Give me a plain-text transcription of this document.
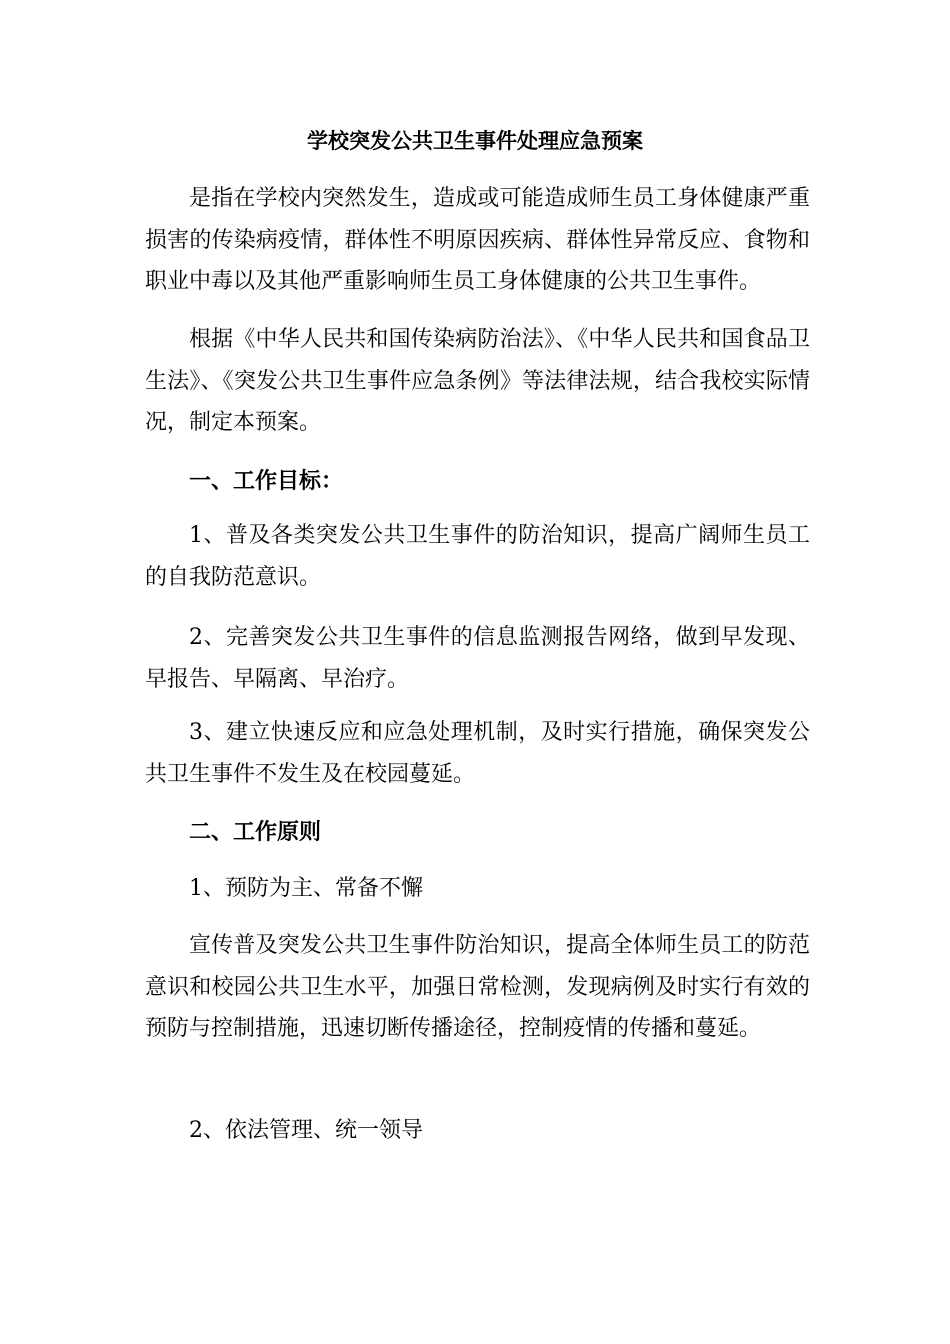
学校突发公共卫生事件处理应急预案

是指在学校内突然发生，造成或可能造成师生员工身体健康严重损害的传染病疫情，群体性不明原因疾病、群体性异常反应、食物和职业中毒以及其他严重影响师生员工身体健康的公共卫生事件。

根据《中华人民共和国传染病防治法》、《中华人民共和国食品卫生法》、《突发公共卫生事件应急条例》等法律法规，结合我校实际情况，制定本预案。

一、工作目标：

1、普及各类突发公共卫生事件的防治知识，提高广阔师生员工的自我防范意识。

2、完善突发公共卫生事件的信息监测报告网络，做到早发现、早报告、早隔离、早治疗。

3、建立快速反应和应急处理机制，及时实行措施，确保突发公共卫生事件不发生及在校园蔓延。

二、工作原则

1、预防为主、常备不懈

宣传普及突发公共卫生事件防治知识，提高全体师生员工的防范意识和校园公共卫生水平，加强日常检测，发现病例及时实行有效的预防与控制措施，迅速切断传播途径，控制疫情的传播和蔓延。

2、依法管理、统一领导
